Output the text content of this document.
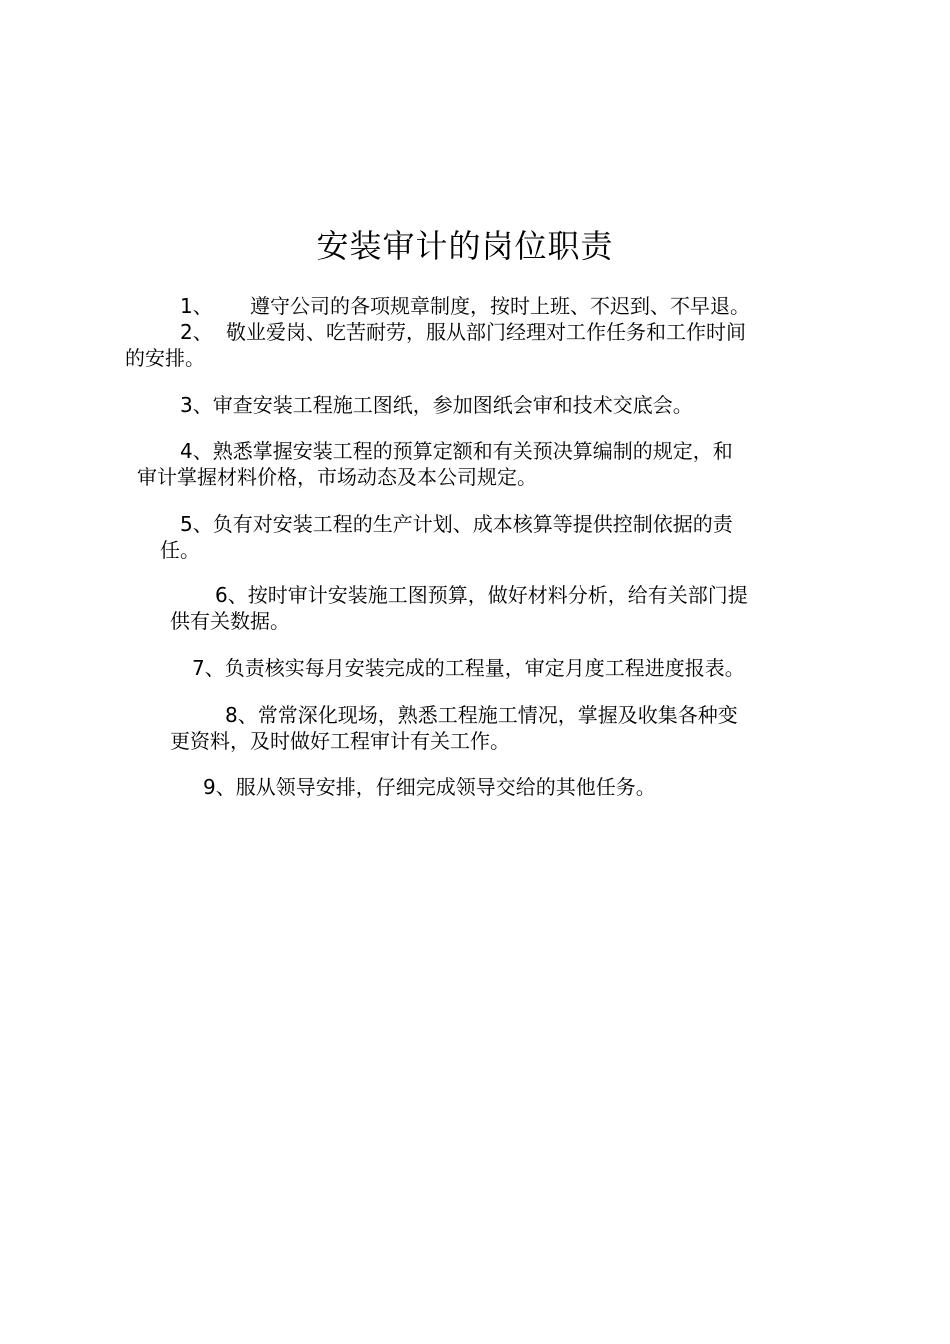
安装审计的岗位职责

1、 遵守公司的各项规章制度，按时上班、不迟到、不早退。

2、 敬业爱岗、吃苦耐劳，服从部门经理对工作任务和工作时间

的安排。

3、审查安装工程施工图纸，参加图纸会审和技术交底会。

4、熟悉掌握安装工程的预算定额和有关预决算编制的规定，和

审计掌握材料价格，市场动态及本公司规定。

5、负有对安装工程的生产计划、成本核算等提供控制依据的责

任。

6、按时审计安装施工图预算，做好材料分析，给有关部门提

供有关数据。

7、负责核实每月安装完成的工程量，审定月度工程进度报表。

8、常常深化现场，熟悉工程施工情况，掌握及收集各种变

更资料，及时做好工程审计有关工作。

9、服从领导安排，仔细完成领导交给的其他任务。
